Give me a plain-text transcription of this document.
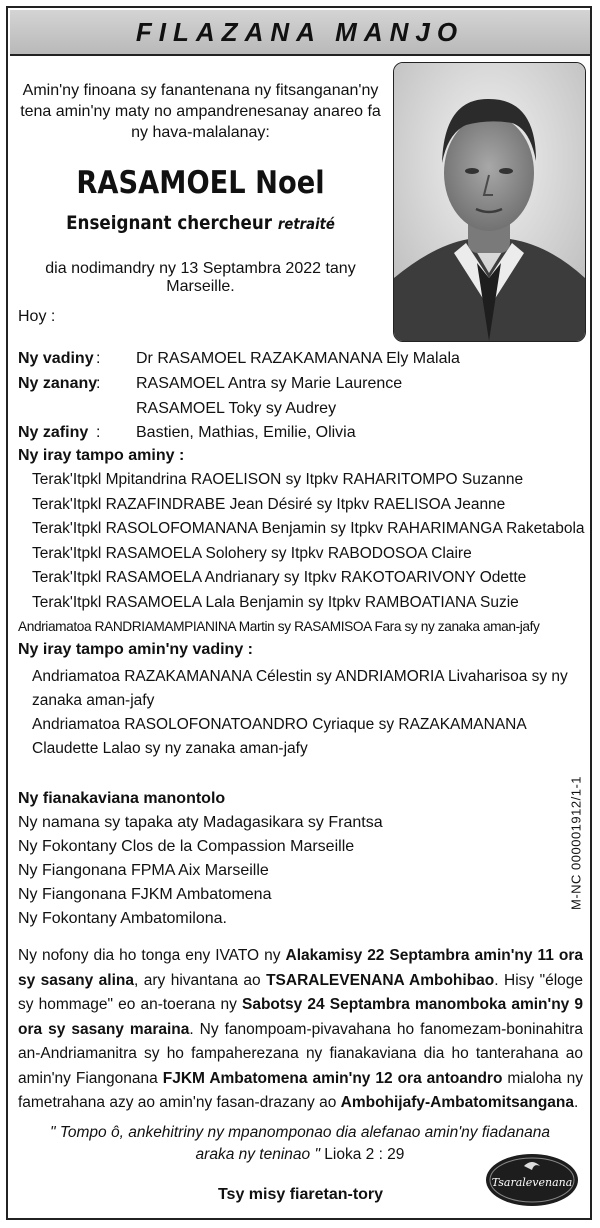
FILAZANA MANJO
Amin'ny finoana sy fanantenana ny fitsanganan'ny tena amin'ny maty no ampandrenesanay anareo fa ny hava-malalanay:
RASAMOEL Noel
Enseignant chercheur retraité
dia nodimandry ny 13 Septambra 2022 tany Marseille.
Hoy :
Ny vadiny : Dr RASAMOEL RAZAKAMANANA Ely Malala
Ny zanany: RASAMOEL Antra sy Marie Laurence
RASAMOEL Toky sy Audrey
Ny zafiny : Bastien, Mathias, Emilie, Olivia
Ny iray tampo aminy :
Terak'Itpkl Mpitandrina RAOELISON sy Itpkv RAHARITOMPO Suzanne
Terak'Itpkl RAZAFINDRABE Jean Désiré sy Itpkv RAELISOA Jeanne
Terak'Itpkl RASOLOFOMANANA Benjamin sy Itpkv RAHARIMANGA Raketabola
Terak'Itpkl RASAMOELA Solohery sy Itpkv RABODOSOA Claire
Terak'Itpkl RASAMOELA Andrianary sy Itpkv RAKOTOARIVONY Odette
Terak'Itpkl RASAMOELA Lala Benjamin sy Itpkv RAMBOATIANA Suzie
Andriamatoa RANDRIAMAMPIANINA Martin sy RASAMISOA Fara sy ny zanaka aman-jafy
Ny iray tampo amin'ny vadiny :
Andriamatoa RAZAKAMANANA Célestin sy ANDRIAMORIA Livaharisoa sy ny zanaka aman-jafy
Andriamatoa RASOLOFONATOANDRO Cyriaque sy RAZAKAMANANA Claudette Lalao sy ny zanaka aman-jafy
Ny fianakaviana manontolo
Ny namana sy tapaka aty Madagasikara sy Frantsa
Ny Fokontany Clos de la Compassion Marseille
Ny Fiangonana FPMA Aix Marseille
Ny Fiangonana FJKM Ambatomena
Ny Fokontany Ambatomilona.
M-NC 000001912/1-1
Ny nofony dia ho tonga eny IVATO ny Alakamisy 22 Septambra amin'ny 11 ora sy sasany alina, ary hivantana ao TSARALEVENANA Ambohibao. Hisy "éloge sy hommage" eo an-toerana ny Sabotsy 24 Septambra manomboka amin'ny 9 ora sy sasany maraina. Ny fanompoam-pivavahana ho fanomezam-boninahitra an-Andriamanitra sy ho fampaherezana ny fianakaviana dia ho tanterahana ao amin'ny Fiangonana FJKM Ambatomena amin'ny 12 ora antoandro mialoha ny fametrahana azy ao amin'ny fasan-drazany ao Ambohijafy-Ambatomitsangana.
" Tompo ô, ankehitriny ny mpanomponao dia alefanao amin'ny fiadanana
araka ny teninao " Lioka 2 : 29
Tsy misy fiaretan-tory
Tsaralevenana
